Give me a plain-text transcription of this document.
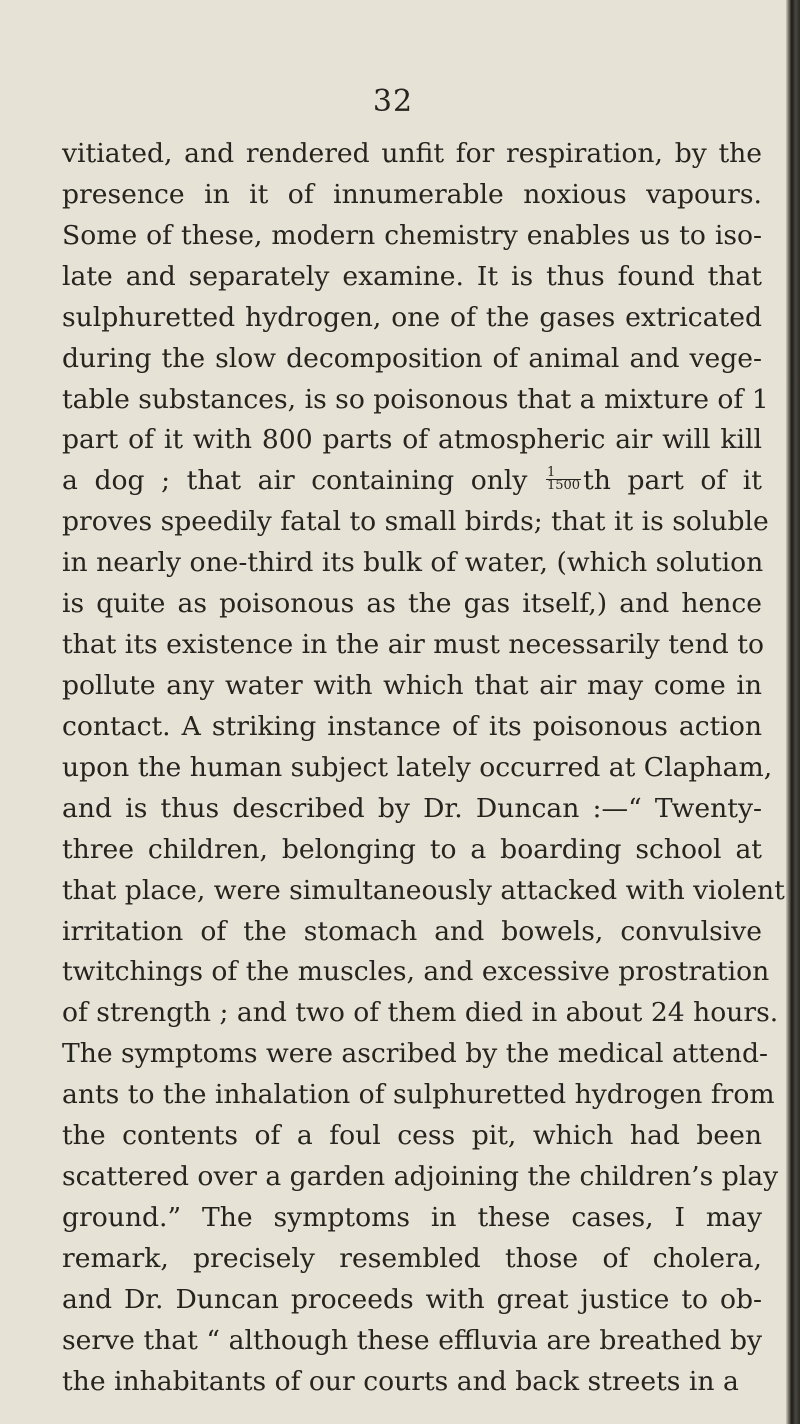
32
vitiated, and rendered unfit for respiration, by the
presence in it of innumerable noxious vapours.
Some of these, modern chemistry enables us to iso-
late and separately examine. It is thus found that
sulphuretted hydrogen, one of the gases extricated
during the slow decomposition of animal and vege-
table substances, is so poisonous that a mixture of 1
part of it with 800 parts of atmospheric air will kill
a dog ; that air containing only $\frac{1}{1500}$ th part of it
proves speedily fatal to small birds; that it is soluble
in nearly one-third its bulk of water, (which solution
is quite as poisonous as the gas itself,) and hence
that its existence in the air must necessarily tend to
pollute any water with which that air may come in
contact. A striking instance of its poisonous action
upon the human subject lately occurred at Clapham,
and is thus described by Dr. Duncan :—“ Twenty-
three children, belonging to a boarding school at
that place, were simultaneously attacked with violent
irritation of the stomach and bowels, convulsive
twitchings of the muscles, and excessive prostration
of strength ; and two of them died in about 24 hours.
The symptoms were ascribed by the medical attend-
ants to the inhalation of sulphuretted hydrogen from
the contents of a foul cess pit, which had been
scattered over a garden adjoining the children’s play
ground.” The symptoms in these cases, I may
remark, precisely resembled those of cholera,
and Dr. Duncan proceeds with great justice to ob-
serve that “ although these effluvia are breathed by
the inhabitants of our courts and back streets in a
